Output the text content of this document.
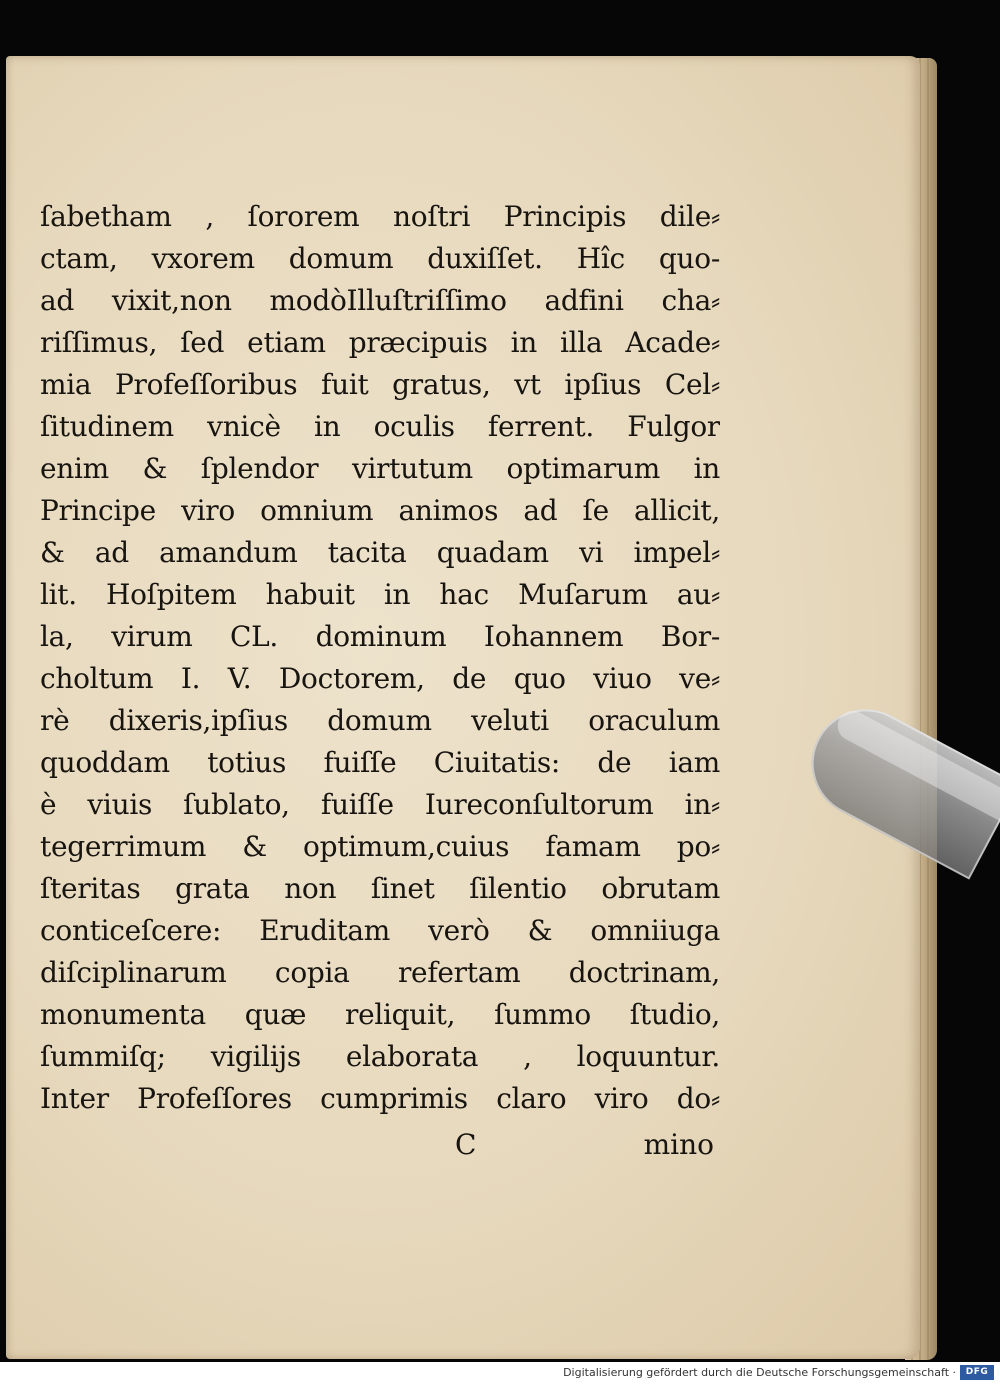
ſabetham , ſororem noſtri Principis dile⸗
ctam, vxorem domum duxiſſet. Hîc quo-
ad vixit,non modòIlluſtriſſimo adfini cha⸗
riſſimus, ſed etiam præcipuis in illa Acade⸗
mia Profeſſoribus fuit gratus, vt ipſius Cel⸗
ſitudinem vnicè in oculis ferrent. Fulgor
enim & ſplendor virtutum optimarum in
Principe viro omnium animos ad ſe allicit,
& ad amandum tacita quadam vi impel⸗
lit. Hoſpitem habuit in hac Muſarum au⸗
la, virum CL. dominum Iohannem Bor-
choltum I. V. Doctorem, de quo viuo ve⸗
rè dixeris,ipſius domum veluti oraculum
quoddam totius fuiſſe Ciuitatis: de iam
è viuis ſublato, fuiſſe Iureconſultorum in⸗
tegerrimum & optimum,cuius famam po⸗
ſteritas grata non ſinet ſilentio obrutam
conticeſcere: Eruditam verò & omniiuga
diſciplinarum copia refertam doctrinam,
monumenta quæ reliquit, ſummo ſtudio,
ſummiſq; vigilijs elaborata , loquuntur.
Inter Profeſſores cumprimis claro viro do⸗
C	mino
Digitalisierung gefördert durch die Deutsche Forschungsgemeinschaft ·	DFG
